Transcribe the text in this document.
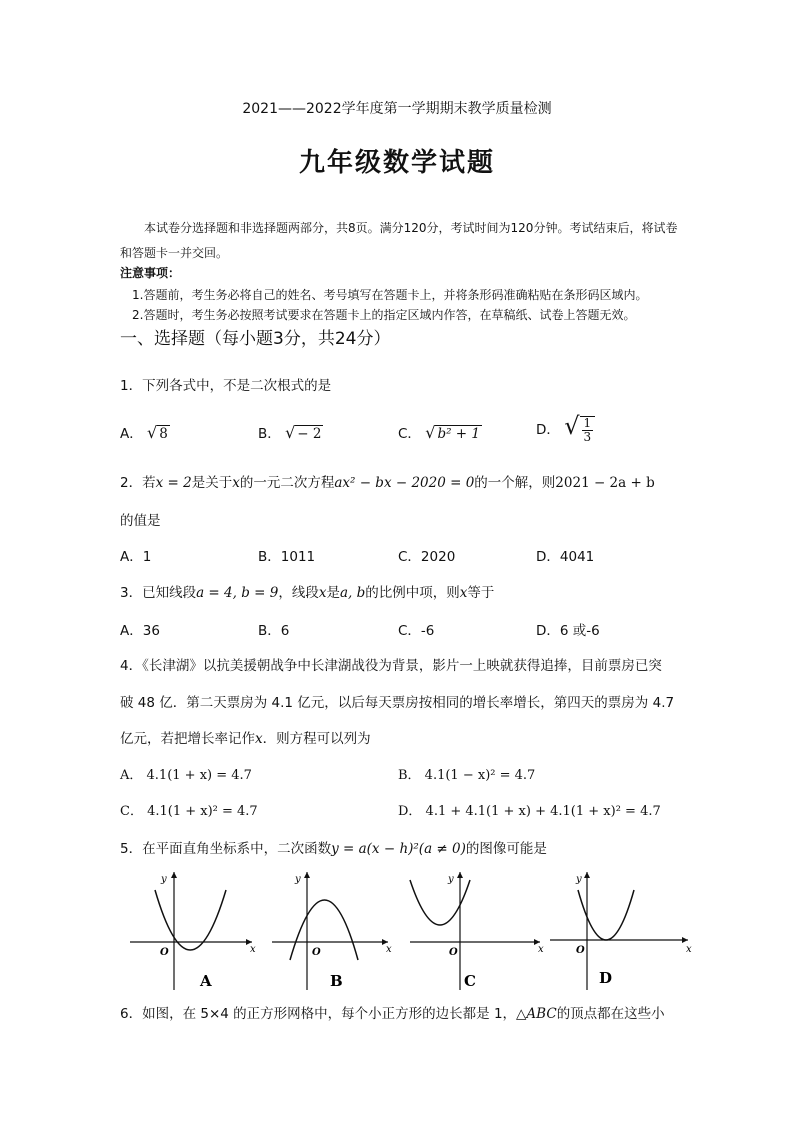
2021——2022学年度第一学期期末教学质量检测
九年级数学试题
本试卷分选择题和非选择题两部分，共8页。满分120分，考试时间为120分钟。考试结束后，将试卷和答题卡一并交回。
注意事项：
1.答题前，考生务必将自己的姓名、考号填写在答题卡上，并将条形码准确粘贴在条形码区域内。
2.答题时，考生务必按照考试要求在答题卡上的指定区域内作答，在草稿纸、试卷上答题无效。
一、选择题（每小题3分，共24分）
1．下列各式中，不是二次根式的是
A． √ 8	B． √ − 2	C． √ b² + 1	D． √ $\frac{1}{3}$
2．若x = 2是关于x的一元二次方程ax² − bx − 2020 = 0的一个解，则2021 − 2a + b
的值是
A．1	B．1011	C．2020	D．4041
3．已知线段a = 4, b = 9，线段x是a, b的比例中项，则x等于
A．36	B．6	C．-6	D．6 或-6
4．《长津湖》以抗美援朝战争中长津湖战役为背景，影片一上映就获得追捧，目前票房已突
破 48 亿．第二天票房为 4.1 亿元，以后每天票房按相同的增长率增长，第四天的票房为 4.7
亿元，若把增长率记作x．则方程可以列为
A． 4.1(1 + x) = 4.7	B． 4.1(1 − x)² = 4.7
C． 4.1(1 + x)² = 4.7	D． 4.1 + 4.1(1 + x) + 4.1(1 + x)² = 4.7
5．在平面直角坐标系中，二次函数y = a(x − h)²(a ≠ 0)的图像可能是
x
y
O
A
x
y
O
B
x
y
O
C
x
y
O
D
6．如图，在 5×4 的正方形网格中，每个小正方形的边长都是 1，△ABC的顶点都在这些小
